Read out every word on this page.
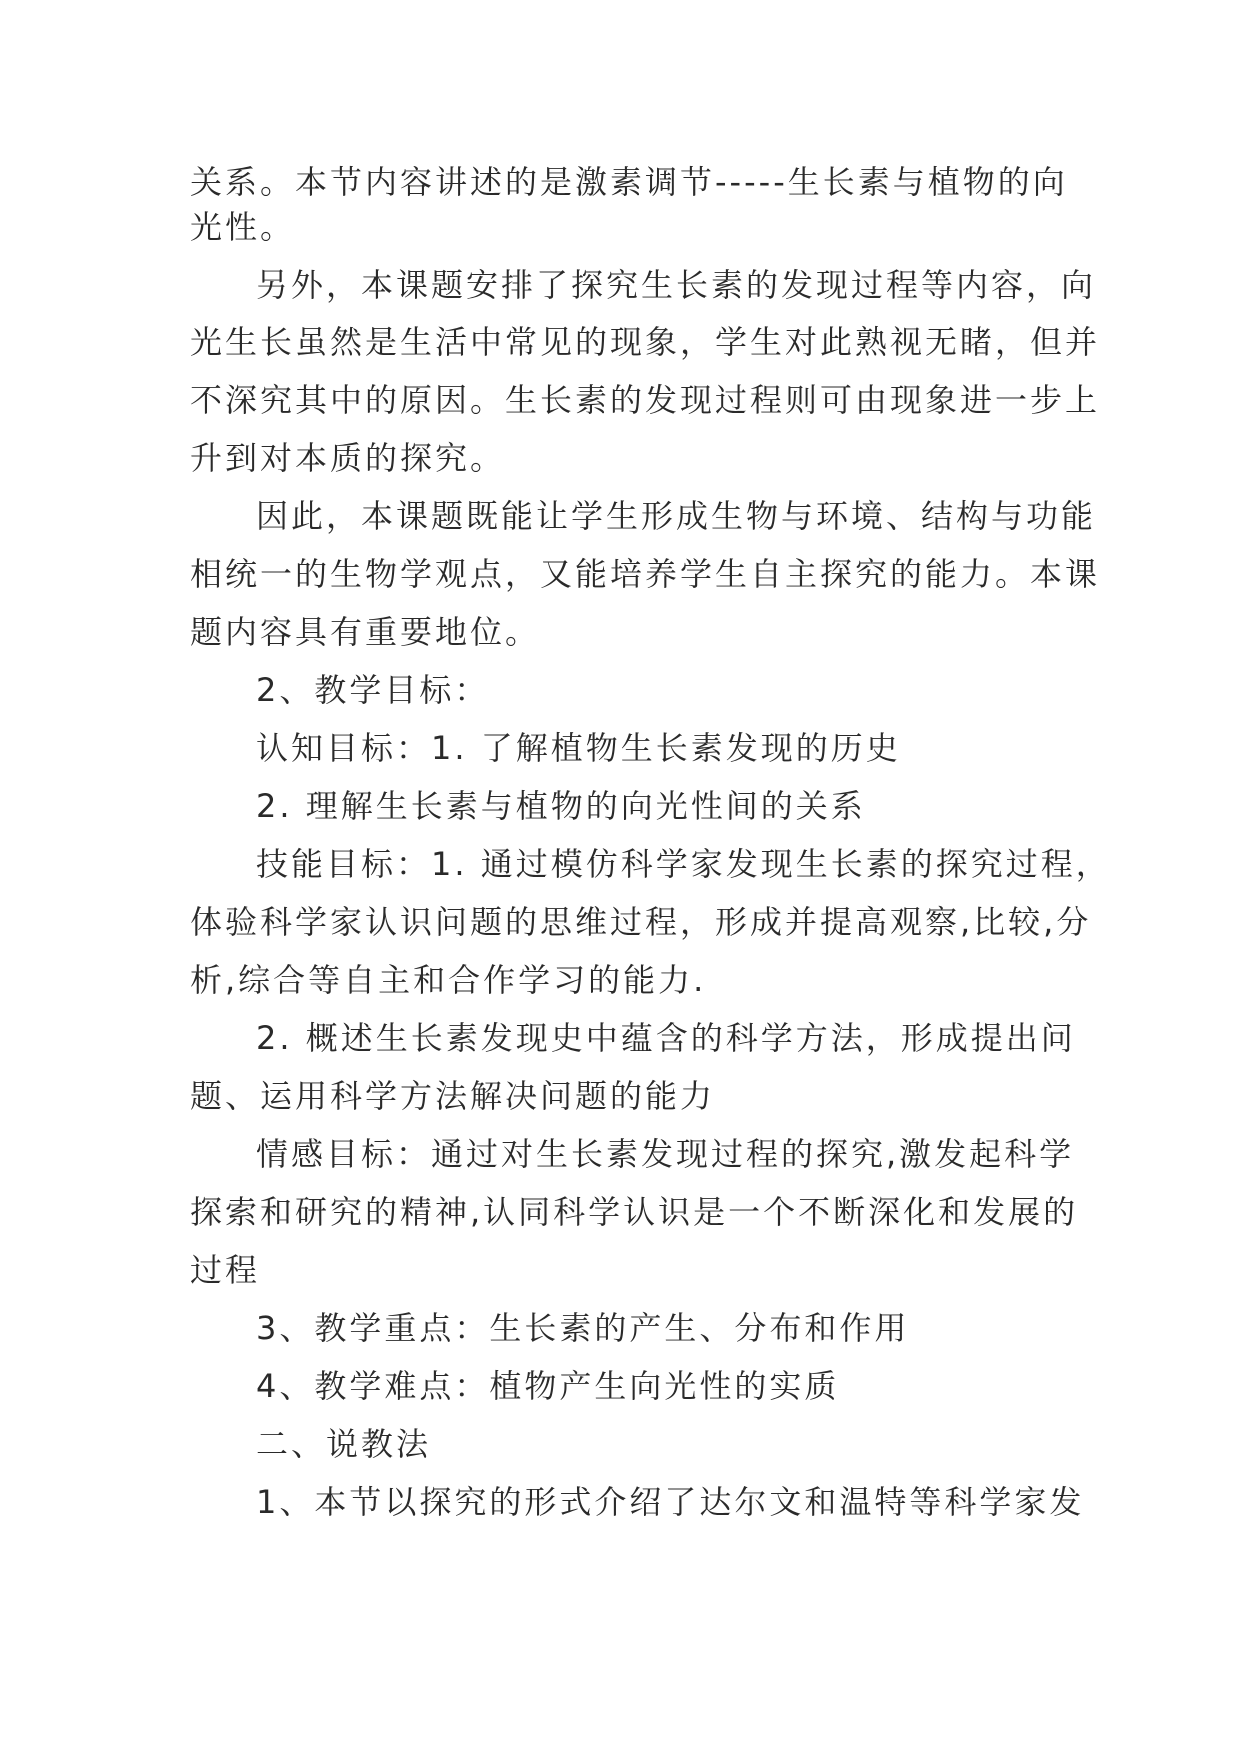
关系。本节内容讲述的是激素调节-----生长素与植物的向
光性。
另外，本课题安排了探究生长素的发现过程等内容，向
光生长虽然是生活中常见的现象，学生对此熟视无睹，但并
不深究其中的原因。生长素的发现过程则可由现象进一步上
升到对本质的探究。
因此，本课题既能让学生形成生物与环境、结构与功能
相统一的生物学观点，又能培养学生自主探究的能力。本课
题内容具有重要地位。
2、教学目标：
认知目标：1. 了解植物生长素发现的历史
2. 理解生长素与植物的向光性间的关系
技能目标：1. 通过模仿科学家发现生长素的探究过程，
体验科学家认识问题的思维过程，形成并提高观察,比较,分
析,综合等自主和合作学习的能力.
2. 概述生长素发现史中蕴含的科学方法，形成提出问
题、运用科学方法解决问题的能力
情感目标：通过对生长素发现过程的探究,激发起科学
探索和研究的精神,认同科学认识是一个不断深化和发展的
过程
3、教学重点：生长素的产生、分布和作用
4、教学难点：植物产生向光性的实质
二、说教法
1、本节以探究的形式介绍了达尔文和温特等科学家发
